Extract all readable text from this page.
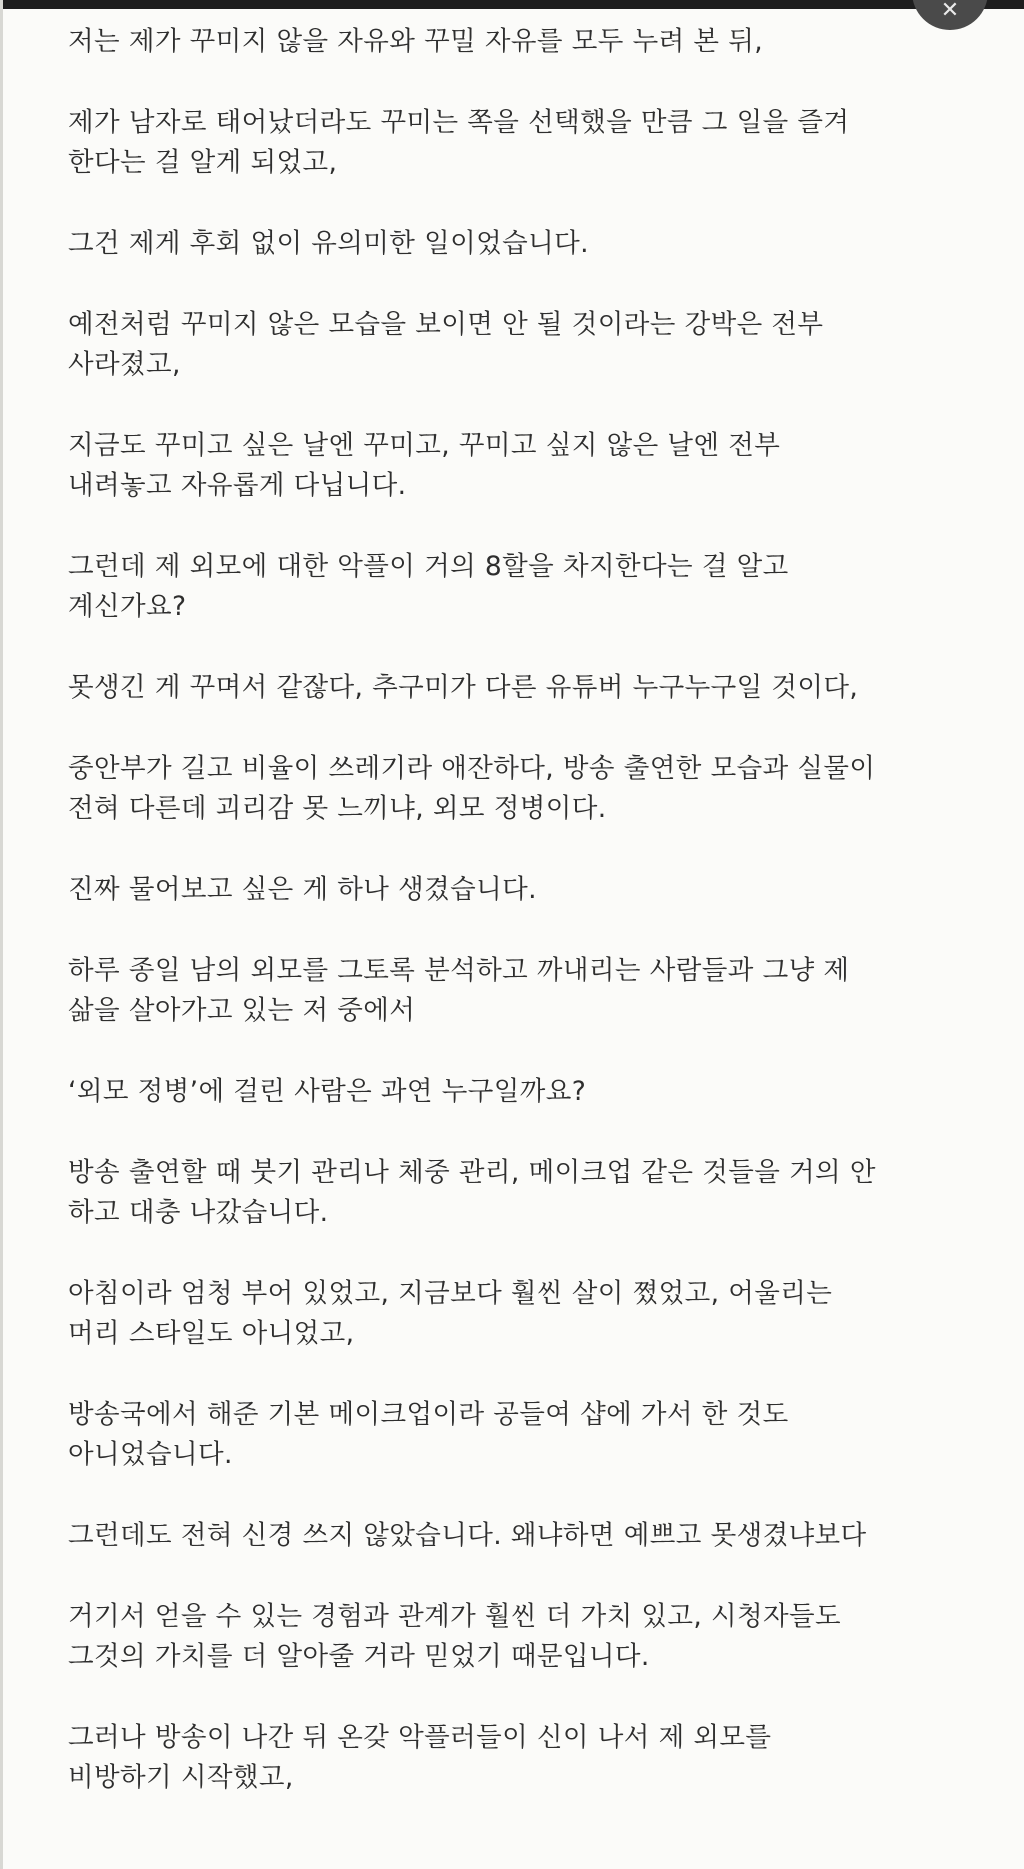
✕

저는 제가 꾸미지 않을 자유와 꾸밀 자유를 모두 누려 본 뒤,

제가 남자로 태어났더라도 꾸미는 쪽을 선택했을 만큼 그 일을 즐겨
한다는 걸 알게 되었고,

그건 제게 후회 없이 유의미한 일이었습니다.

예전처럼 꾸미지 않은 모습을 보이면 안 될 것이라는 강박은 전부
사라졌고,

지금도 꾸미고 싶은 날엔 꾸미고, 꾸미고 싶지 않은 날엔 전부
내려놓고 자유롭게 다닙니다.

그런데 제 외모에 대한 악플이 거의 8할을 차지한다는 걸 알고
계신가요?

못생긴 게 꾸며서 같잖다, 추구미가 다른 유튜버 누구누구일 것이다,

중안부가 길고 비율이 쓰레기라 애잔하다, 방송 출연한 모습과 실물이
전혀 다른데 괴리감 못 느끼냐, 외모 정병이다.

진짜 물어보고 싶은 게 하나 생겼습니다.

하루 종일 남의 외모를 그토록 분석하고 까내리는 사람들과 그냥 제
삶을 살아가고 있는 저 중에서

‘외모 정병’에 걸린 사람은 과연 누구일까요?

방송 출연할 때 붓기 관리나 체중 관리, 메이크업 같은 것들을 거의 안
하고 대충 나갔습니다.

아침이라 엄청 부어 있었고, 지금보다 훨씬 살이 쪘었고, 어울리는
머리 스타일도 아니었고,

방송국에서 해준 기본 메이크업이라 공들여 샵에 가서 한 것도
아니었습니다.

그런데도 전혀 신경 쓰지 않았습니다. 왜냐하면 예쁘고 못생겼냐보다

거기서 얻을 수 있는 경험과 관계가 훨씬 더 가치 있고, 시청자들도
그것의 가치를 더 알아줄 거라 믿었기 때문입니다.

그러나 방송이 나간 뒤 온갖 악플러들이 신이 나서 제 외모를
비방하기 시작했고,
